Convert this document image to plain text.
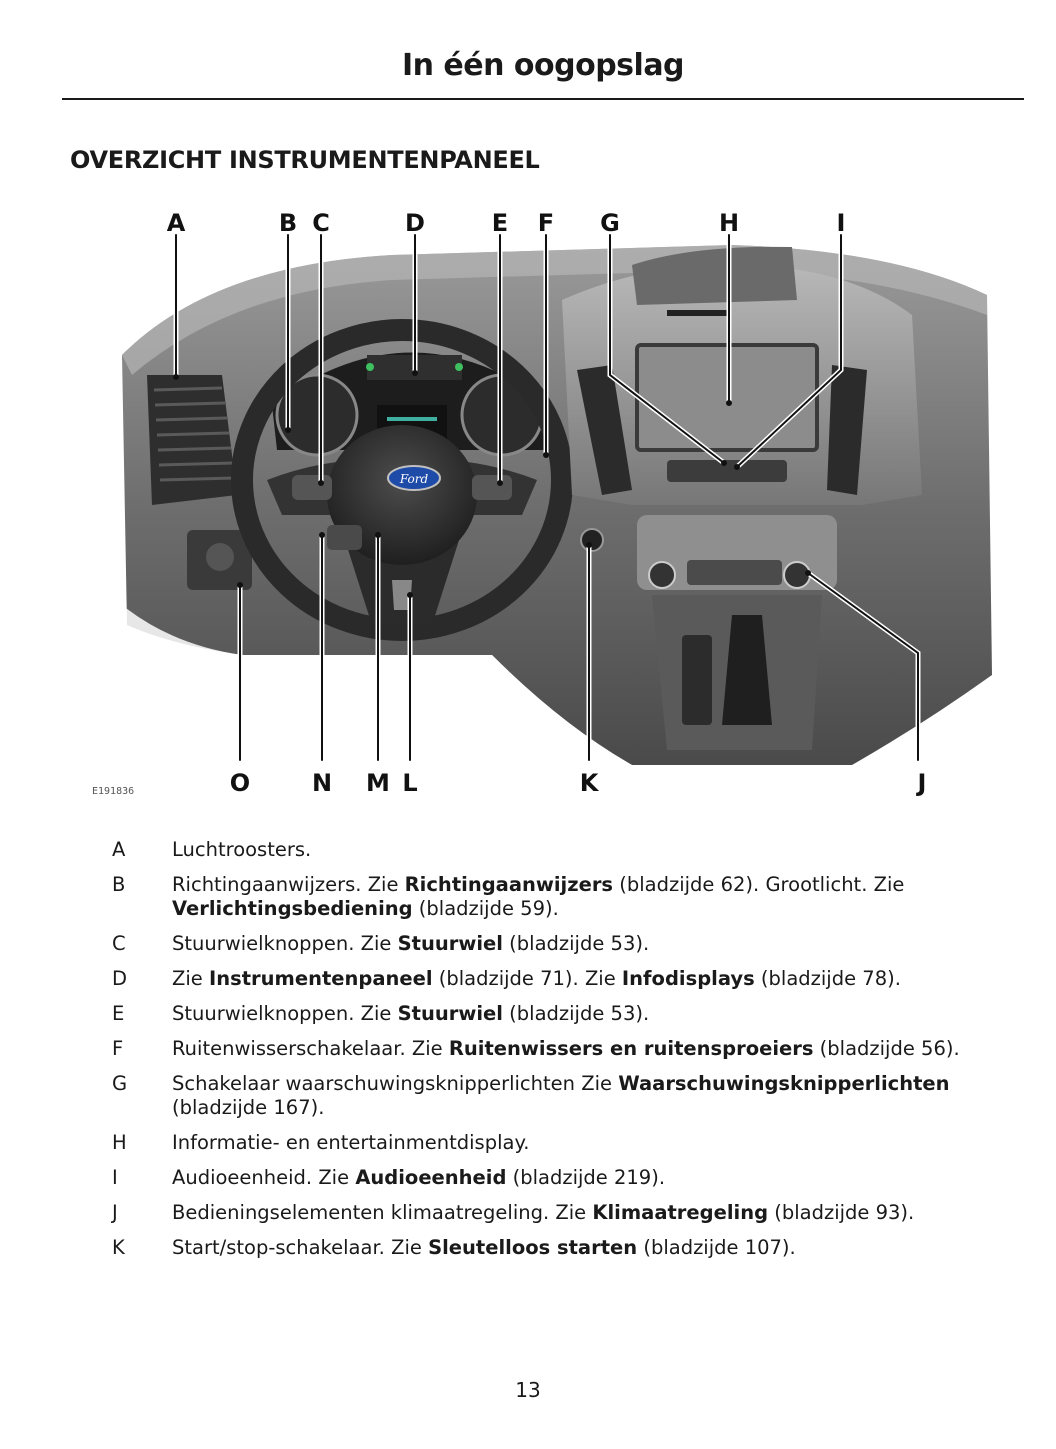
In één oogopslag
OVERZICHT INSTRUMENTENPANEEL
Ford
A	B C	D	E F G	H	I
O	N M L	K	J
E191836
A	Luchtroosters.
B	Richtingaanwijzers. Zie Richtingaanwijzers (bladzijde 62). Grootlicht. Zie Verlichtingsbediening (bladzijde 59).
C	Stuurwielknoppen. Zie Stuurwiel (bladzijde 53).
D	Zie Instrumentenpaneel (bladzijde 71). Zie Infodisplays (bladzijde 78).
E	Stuurwielknoppen. Zie Stuurwiel (bladzijde 53).
F	Ruitenwisserschakelaar. Zie Ruitenwissers en ruitensproeiers (bladzijde 56).
G	Schakelaar waarschuwingsknipperlichten Zie Waarschuwingsknipperlichten (bladzijde 167).
H	Informatie- en entertainmentdisplay.
I	Audioeenheid. Zie Audioeenheid (bladzijde 219).
J	Bedieningselementen klimaatregeling. Zie Klimaatregeling (bladzijde 93).
K	Start/stop-schakelaar. Zie Sleutelloos starten (bladzijde 107).
13
